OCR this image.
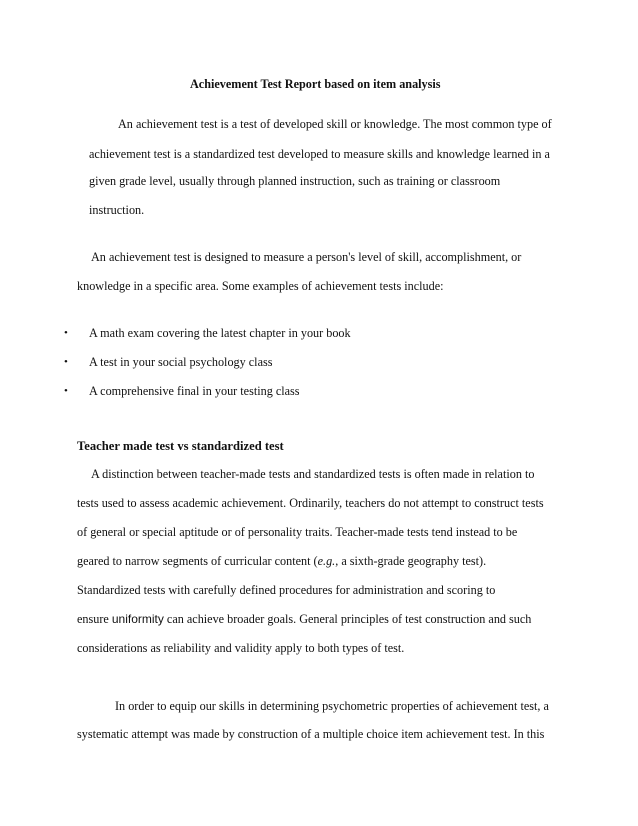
Achievement Test Report based on item analysis
An achievement test is a test of developed skill or knowledge. The most common type of
achievement test is a standardized test developed to measure skills and knowledge learned in a
given grade level, usually through planned instruction, such as training or classroom
instruction.
An achievement test is designed to measure a person's level of skill, accomplishment, or
knowledge in a specific area. Some examples of achievement tests include:
• A math exam covering the latest chapter in your book
• A test in your social psychology class
• A comprehensive final in your testing class
Teacher made test vs standardized test
A distinction between teacher-made tests and standardized tests is often made in relation to
tests used to assess academic achievement. Ordinarily, teachers do not attempt to construct tests
of general or special aptitude or of personality traits. Teacher-made tests tend instead to be
geared to narrow segments of curricular content (e.g., a sixth-grade geography test).
Standardized tests with carefully defined procedures for administration and scoring to
ensure uniformity can achieve broader goals. General principles of test construction and such
considerations as reliability and validity apply to both types of test.
In order to equip our skills in determining psychometric properties of achievement test, a
systematic attempt was made by construction of a multiple choice item achievement test. In this
